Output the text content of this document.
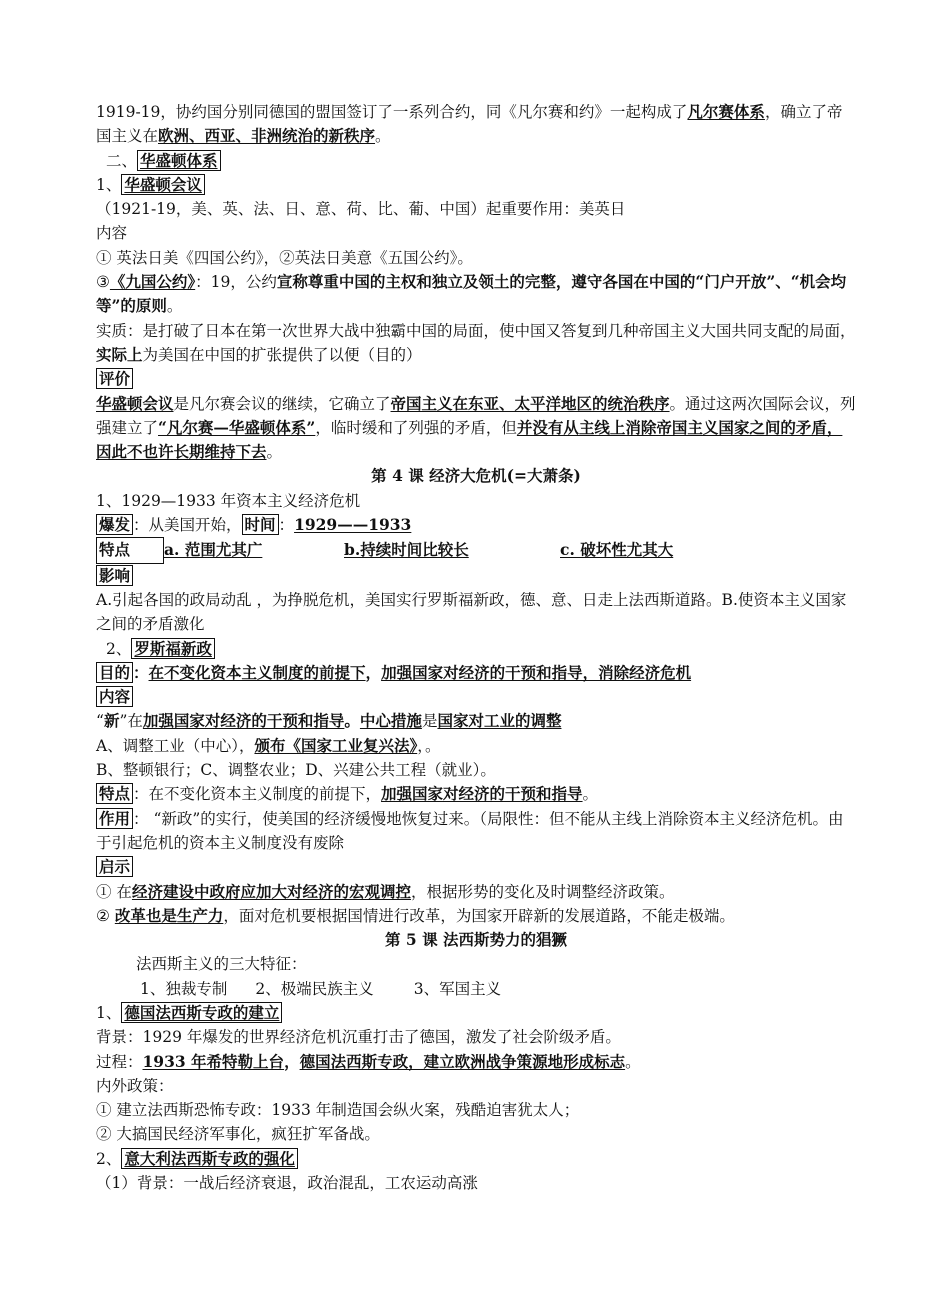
1919-19，协约国分别同德国的盟国签订了一系列合约，同《凡尔赛和约》一起构成了凡尔赛体系，确立了帝国主义在欧洲、西亚、非洲统治的新秩序。
二、 华盛顿体系
1、 华盛顿会议
（1921-19，美、英、法、日、意、荷、比、葡、中国）起重要作用：美英日
内容
① 英法日美《四国公约》，②英法日美意《五国公约》。
③《九国公约》：19，公约宣称尊重中国的主权和独立及领土的完整，遵守各国在中国的“门户开放”、“机会均等”的原则。
实质：是打破了日本在第一次世界大战中独霸中国的局面，使中国又答复到几种帝国主义大国共同支配的局面，实际上为美国在中国的扩张提供了以便（目的）
评价
华盛顿会议是凡尔赛会议的继续，它确立了帝国主义在东亚、太平洋地区的统治秩序。通过这两次国际会议，列强建立了“凡尔赛—华盛顿体系”，临时缓和了列强的矛盾，但并没有从主线上消除帝国主义国家之间的矛盾，因此不也许长期维持下去。
第 4 课 经济大危机(=大萧条)
1、1929—1933 年资本主义经济危机
爆发 ：从美国开始， 时间 ：1929——1933
特点	a. 范围尤其广	b.持续时间比较长	c. 破坏性尤其大
影响
A.引起各国的政局动乱 ，为挣脱危机，美国实行罗斯福新政，德、意、日走上法西斯道路。B.使资本主义国家之间的矛盾激化
2、 罗斯福新政
目的 ：在不变化资本主义制度的前提下，加强国家对经济的干预和指导，消除经济危机
内容
“新”在加强国家对经济的干预和指导。中心措施是国家对工业的调整
A、调整工业（中心），颁布《国家工业复兴法》，。
B、整顿银行；C、调整农业；D、兴建公共工程（就业）。
特点 ：在不变化资本主义制度的前提下，加强国家对经济的干预和指导。
作用 ： “新政”的实行，使美国的经济缓慢地恢复过来。（局限性：但不能从主线上消除资本主义经济危机。由于引起危机的资本主义制度没有废除
启示
① 在经济建设中政府应加大对经济的宏观调控，根据形势的变化及时调整经济政策。
② 改革也是生产力，面对危机要根据国情进行改革，为国家开辟新的发展道路，不能走极端。
第 5 课 法西斯势力的猖獗
法西斯主义的三大特征：
1、独裁专制 2、极端民族主义	3、军国主义
1、 德国法西斯专政的建立
背景：1929 年爆发的世界经济危机沉重打击了德国，激发了社会阶级矛盾。
过程：1933 年希特勒上台，德国法西斯专政，建立欧洲战争策源地形成标志。
内外政策：
① 建立法西斯恐怖专政：1933 年制造国会纵火案，残酷迫害犹太人；
② 大搞国民经济军事化，疯狂扩军备战。
2、 意大利法西斯专政的强化
（1）背景：一战后经济衰退，政治混乱，工农运动高涨
